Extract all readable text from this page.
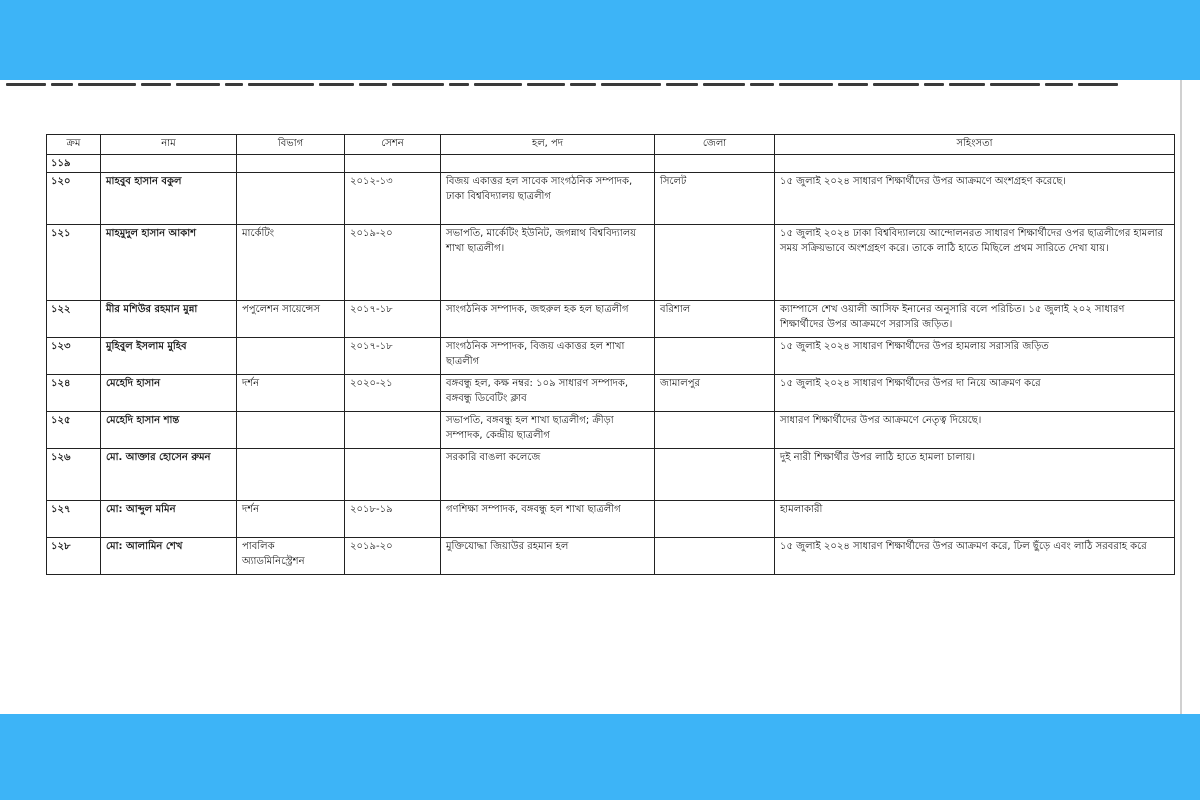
ক্রম	নাম	বিভাগ	সেশন	হল, পদ	জেলা	সহিংসতা
১১৯						
১২০	মাহবুব হাসান বকুল		২০১২-১৩	বিজয় একাত্তর হল সাবেক সাংগঠনিক সম্পাদক, ঢাকা বিশ্ববিদ্যালয় ছাত্রলীগ	সিলেট	১৫ জুলাই ২০২৪ সাধারণ শিক্ষার্থীদের উপর আক্রমণে অংশগ্রহণ করেছে।
১২১	মাহমুদুল হাসান আকাশ	মার্কেটিং	২০১৯-২০	সভাপতি, মার্কেটিং ইউনিট, জগন্নাথ বিশ্ববিদ্যালয় শাখা ছাত্রলীগ।		১৫ জুলাই ২০২৪ ঢাকা বিশ্ববিদ্যালয়ে আন্দোলনরত সাধারণ শিক্ষার্থীদের ওপর ছাত্রলীগের হামলার সময় সক্রিয়ভাবে অংশগ্রহণ করে। তাকে লাঠি হাতে মিছিলে প্রথম সারিতে দেখা যায়।
১২২	মীর মশিউর রহমান মুন্না	পপুলেশন সায়েন্সেস	২০১৭-১৮	সাংগঠনিক সম্পাদক, জহুরুল হক হল ছাত্রলীগ	বরিশাল	ক্যাম্পাসে শেখ ওয়ালী আসিফ ইনানের অনুসারি বলে পরিচিত। ১৫ জুলাই ২০২ সাধারণ শিক্ষার্থীদের উপর আক্রমণে সরাসরি জড়িত।
১২৩	মুহিবুল ইসলাম মুহিব		২০১৭-১৮	সাংগঠনিক সম্পাদক, বিজয় একাত্তর হল শাখা ছাত্রলীগ		১৫ জুলাই ২০২৪ সাধারণ শিক্ষার্থীদের উপর হামলায় সরাসরি জড়িত
১২৪	মেহেদি হাসান	দর্শন	২০২০-২১	বঙ্গবন্ধু হল, কক্ষ নম্বর: ১০৯ সাধারণ সম্পাদক, বঙ্গবন্ধু ডিবেটিং ক্লাব	জামালপুর	১৫ জুলাই ২০২৪ সাধারণ শিক্ষার্থীদের উপর দা নিয়ে আক্রমণ করে
১২৫	মেহেদি হাসান শান্ত			সভাপতি, বঙ্গবন্ধু হল শাখা ছাত্রলীগ; ক্রীড়া সম্পাদক, কেন্দ্রীয় ছাত্রলীগ		সাধারণ শিক্ষার্থীদের উপর আক্রমণে নেতৃত্ব দিয়েছে।
১২৬	মো. আক্তার হোসেন রুমন			সরকারি বাঙলা কলেজে		দুই নারী শিক্ষার্থীর উপর লাঠি হাতে হামলা চালায়।
১২৭	মো: আব্দুল মমিন	দর্শন	২০১৮-১৯	গণশিক্ষা সম্পাদক, বঙ্গবন্ধু হল শাখা ছাত্রলীগ		হামলাকারী
১২৮	মো: আলামিন শেখ	পাবলিক অ্যাডমিনিস্ট্রেশন	২০১৯-২০	মুক্তিযোদ্ধা জিয়াউর রহমান হল		১৫ জুলাই ২০২৪ সাধারণ শিক্ষার্থীদের উপর আক্রমণ করে, ঢিল ছুঁড়ে এবং লাঠি সরবরাহ করে
